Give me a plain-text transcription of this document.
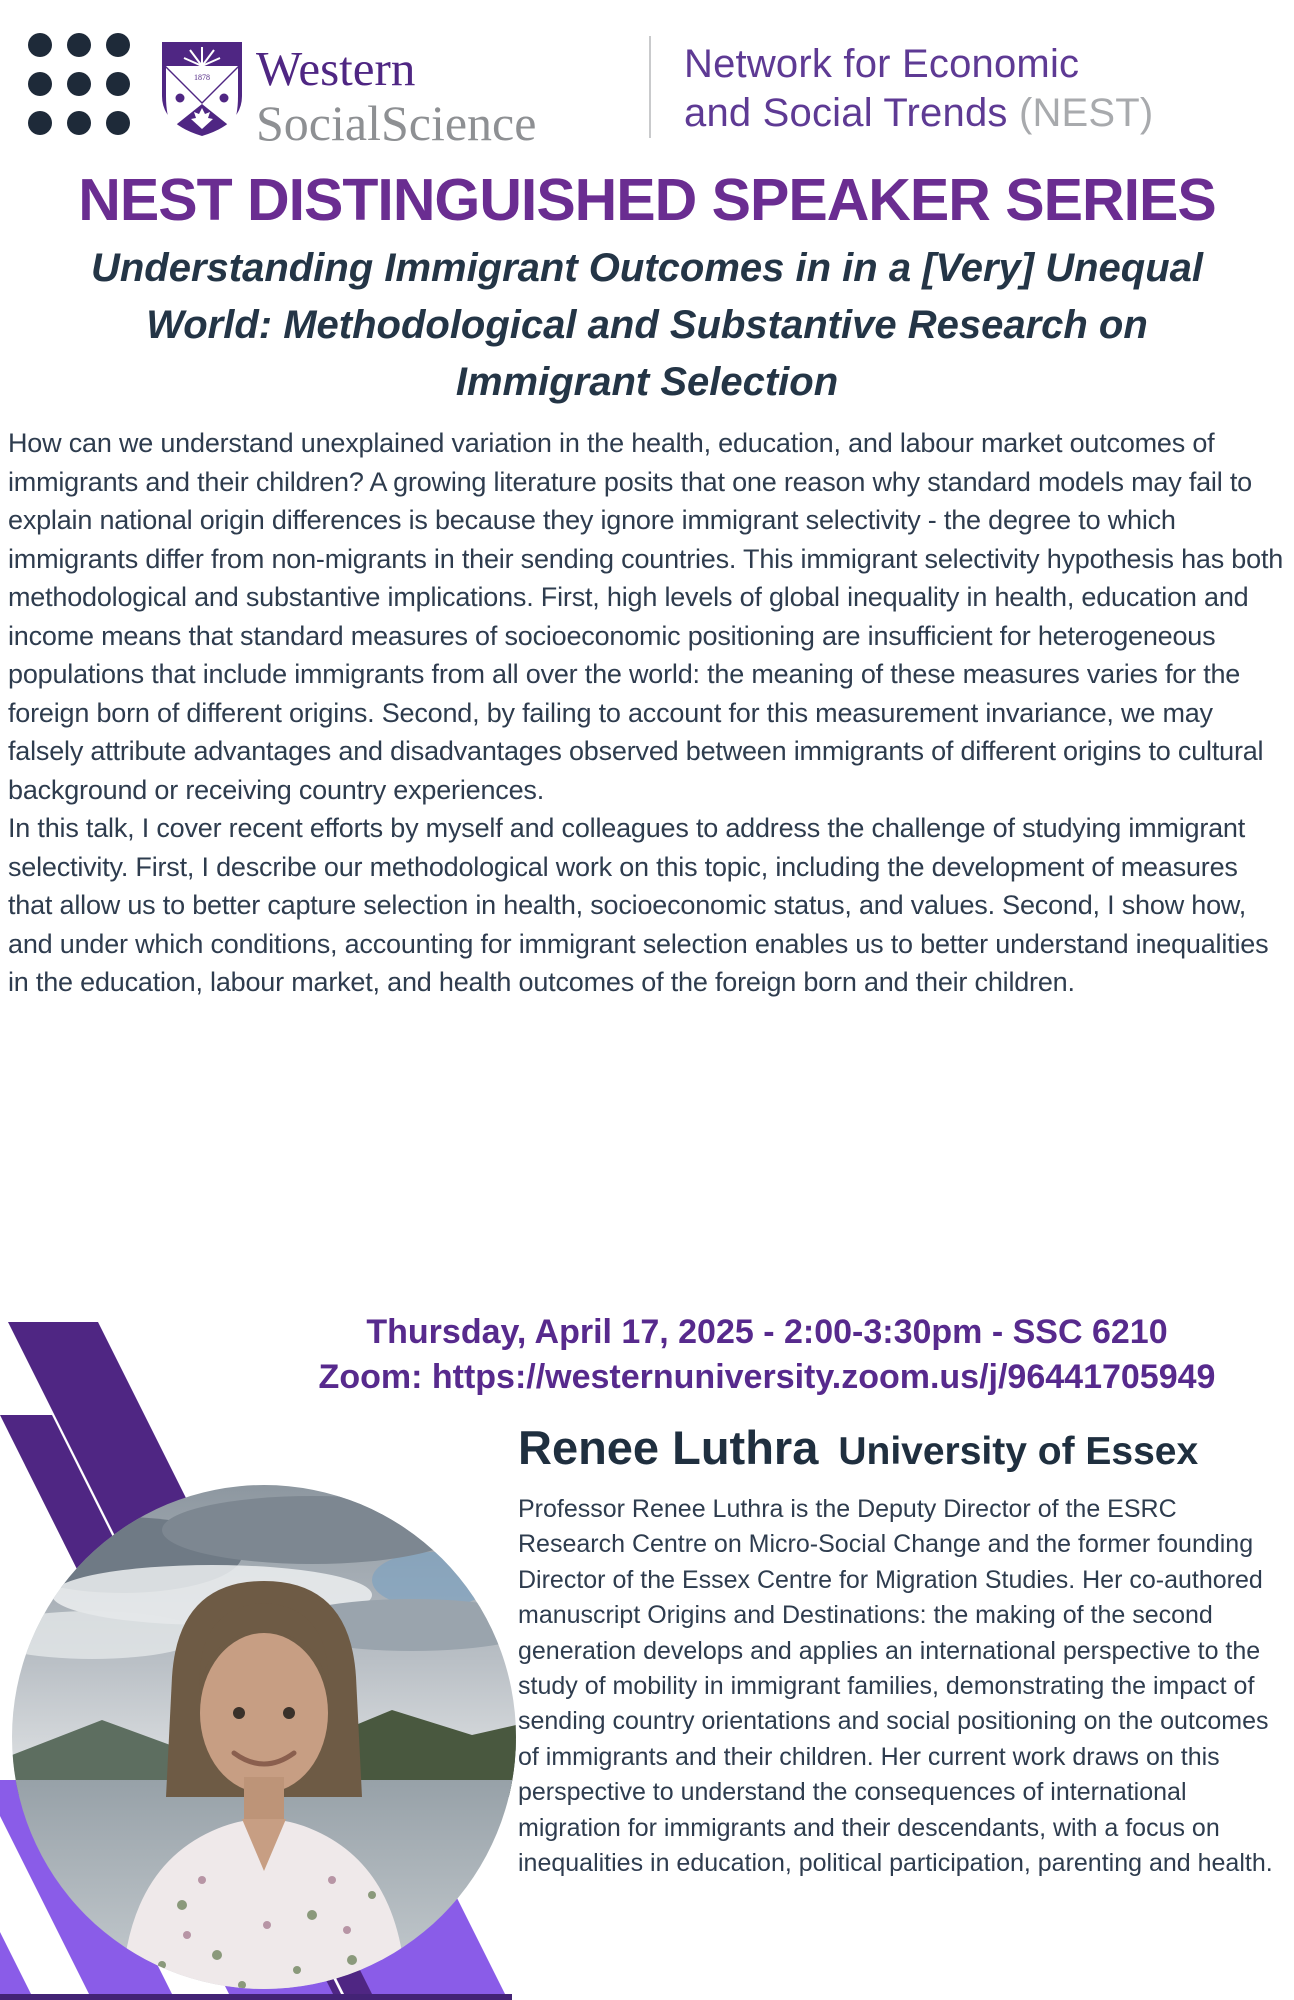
1878 Western
SocialScience
Network for Economic
and Social Trends (NEST)
NEST DISTINGUISHED SPEAKER SERIES
Understanding Immigrant Outcomes in in a [Very] Unequal World: Methodological and Substantive Research on Immigrant Selection

How can we understand unexplained variation in the health, education, and labour market outcomes of immigrants and their children? A growing literature posits that one reason why standard models may fail to explain national origin differences is because they ignore immigrant selectivity - the degree to which immigrants differ from non-migrants in their sending countries. This immigrant selectivity hypothesis has both methodological and substantive implications. First, high levels of global inequality in health, education and income means that standard measures of socioeconomic positioning are insufficient for heterogeneous populations that include immigrants from all over the world: the meaning of these measures varies for the foreign born of different origins. Second, by failing to account for this measurement invariance, we may falsely attribute advantages and disadvantages observed between immigrants of different origins to cultural background or receiving country experiences.

In this talk, I cover recent efforts by myself and colleagues to address the challenge of studying immigrant selectivity. First, I describe our methodological work on this topic, including the development of measures that allow us to better capture selection in health, socioeconomic status, and values. Second, I show how, and under which conditions, accounting for immigrant selection enables us to better understand inequalities in the education, labour market, and health outcomes of the foreign born and their children.

Thursday, April 17, 2025 - 2:00-3:30pm - SSC 6210
Zoom: https://westernuniversity.zoom.us/j/96441705949
Renee Luthra University of Essex

Professor Renee Luthra is the Deputy Director of the ESRC Research Centre on Micro-Social Change and the former founding Director of the Essex Centre for Migration Studies. Her co-authored manuscript Origins and Destinations: the making of the second generation develops and applies an international perspective to the study of mobility in immigrant families, demonstrating the impact of sending country orientations and social positioning on the outcomes of immigrants and their children. Her current work draws on this perspective to understand the consequences of international migration for immigrants and their descendants, with a focus on inequalities in education, political participation, parenting and health.
